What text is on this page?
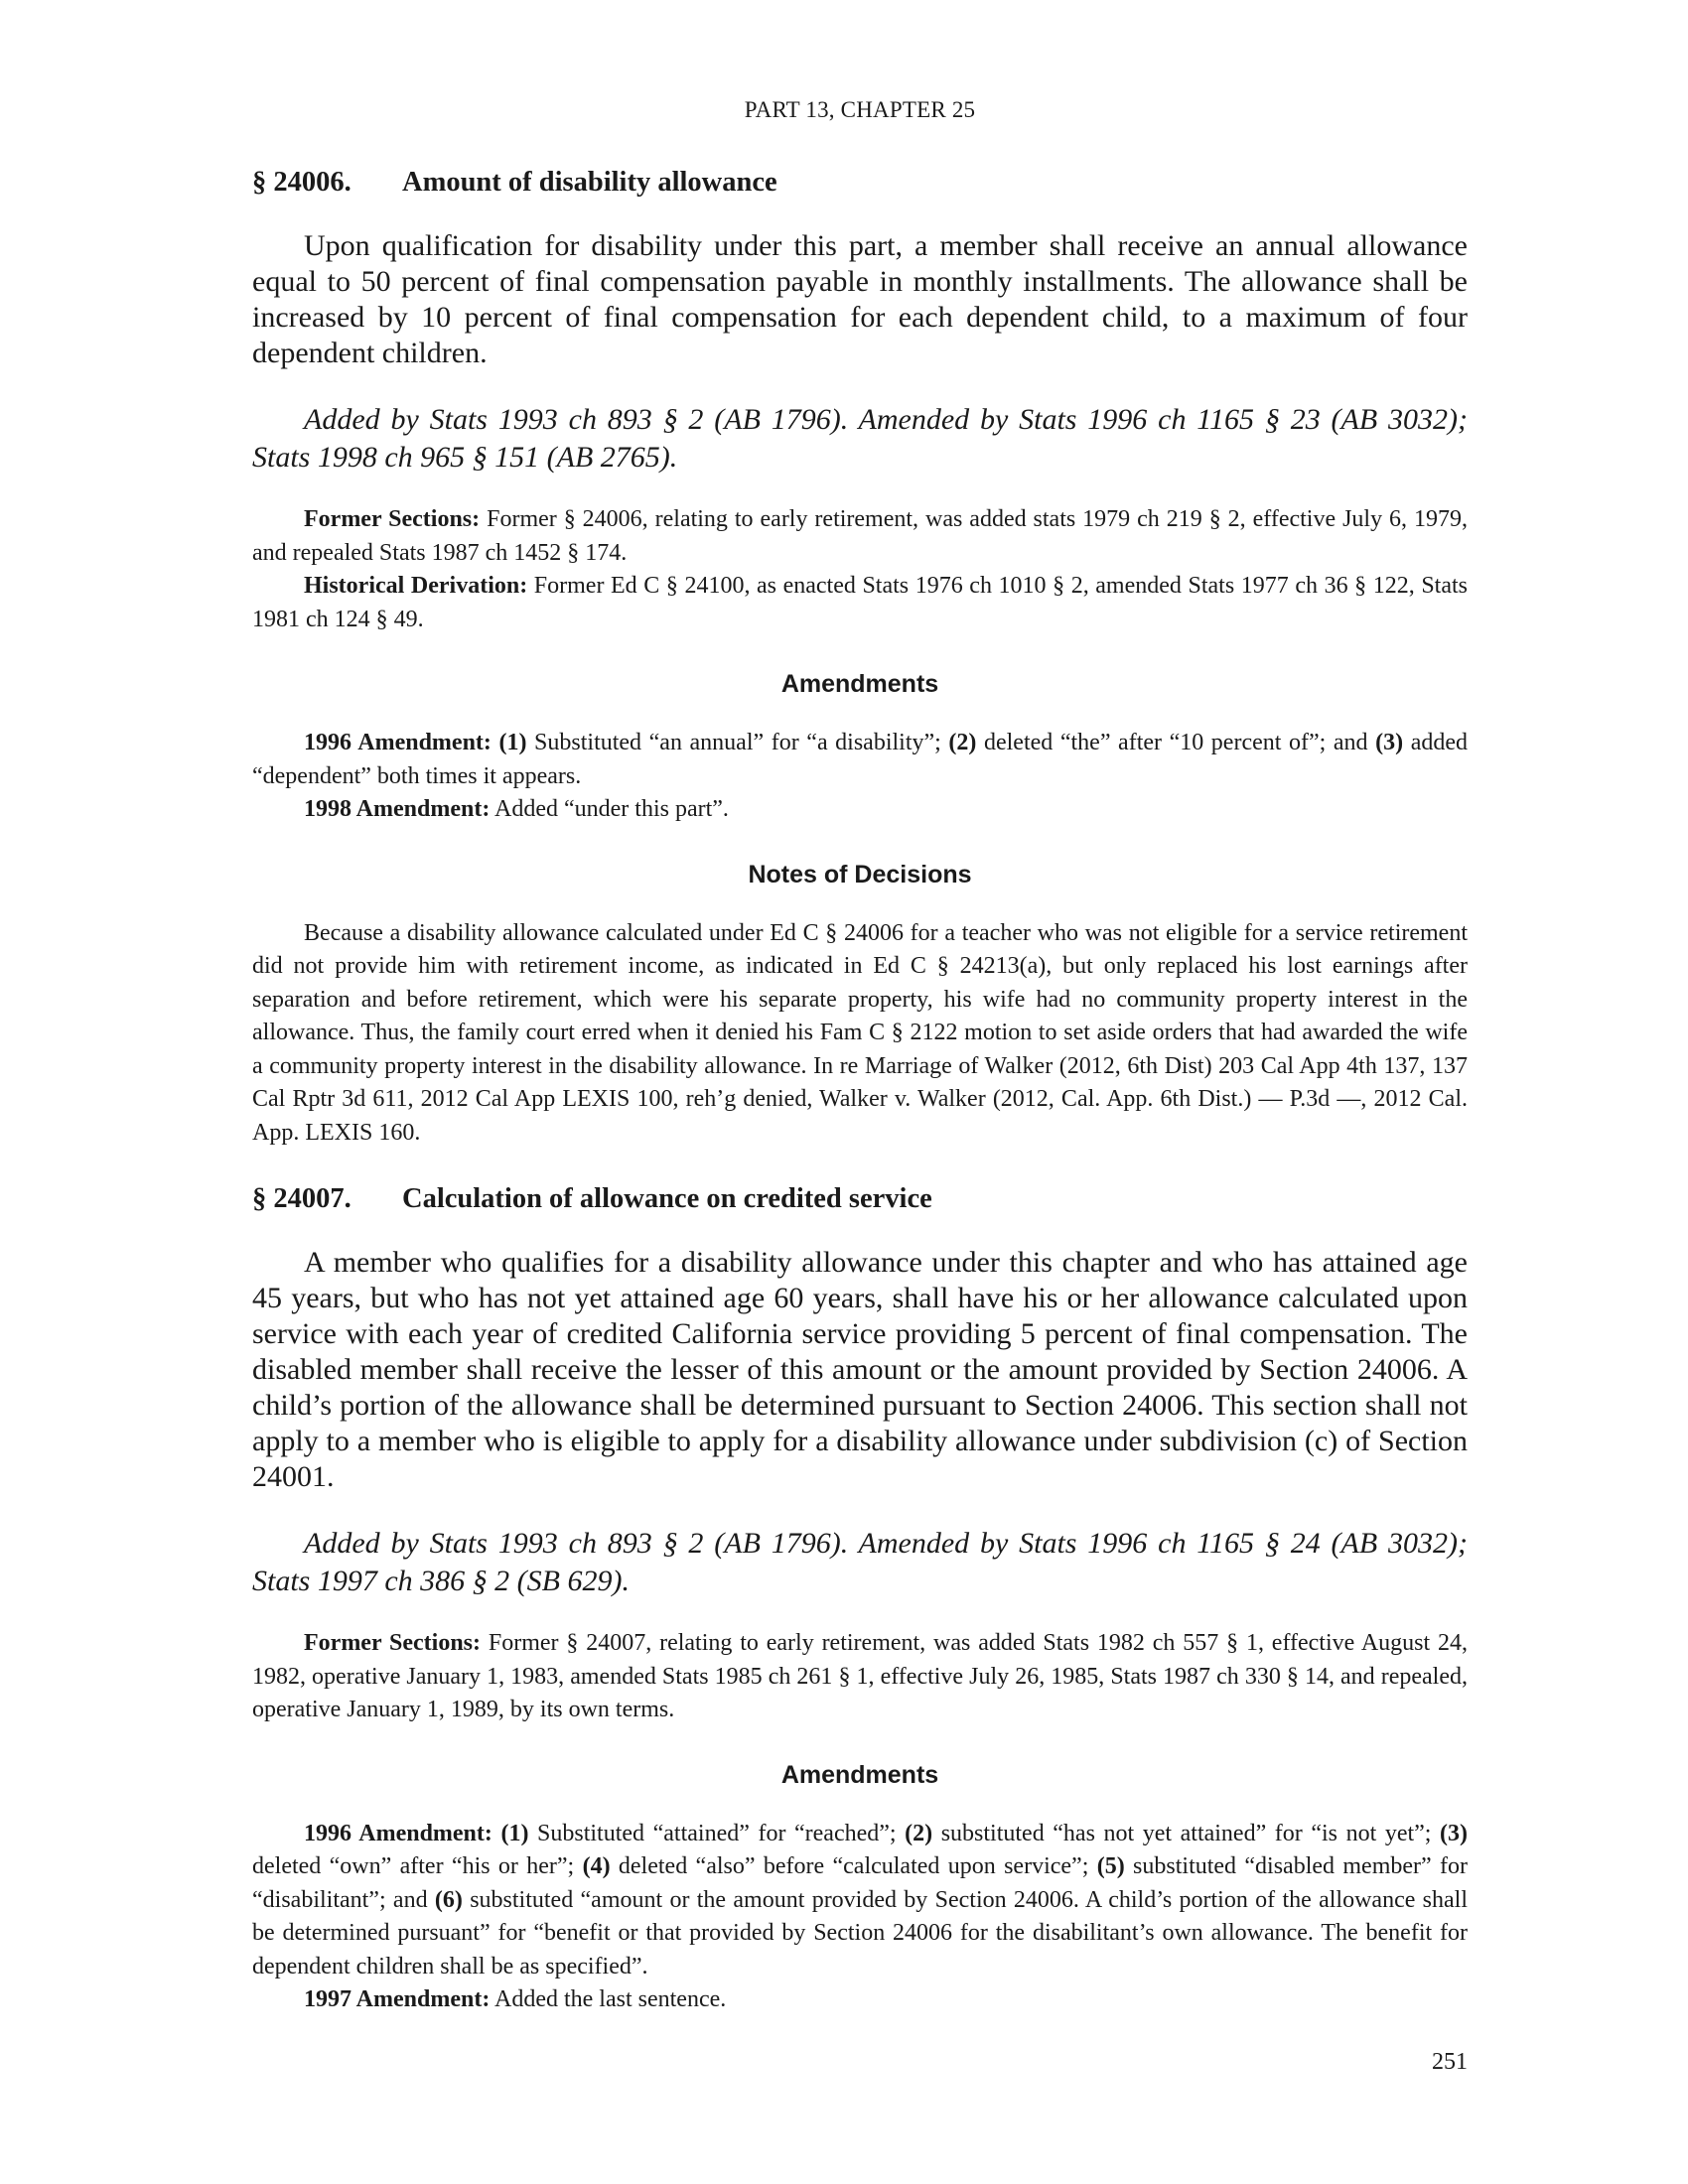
PART 13, CHAPTER 25
§ 24006.	Amount of disability allowance

Upon qualification for disability under this part, a member shall receive an annual allowance equal to 50 percent of final compensation payable in monthly installments. The allowance shall be increased by 10 percent of final compensation for each dependent child, to a maximum of four dependent children.

Added by Stats 1993 ch 893 § 2 (AB 1796). Amended by Stats 1996 ch 1165 § 23 (AB 3032); Stats 1998 ch 965 § 151 (AB 2765).

Former Sections: Former § 24006, relating to early retirement, was added stats 1979 ch 219 § 2, effective July 6, 1979, and repealed Stats 1987 ch 1452 § 174.

Historical Derivation: Former Ed C § 24100, as enacted Stats 1976 ch 1010 § 2, amended Stats 1977 ch 36 § 122, Stats 1981 ch 124 § 49.

Amendments

1996 Amendment: (1) Substituted “an annual” for “a disability”; (2) deleted “the” after “10 percent of”; and (3) added “dependent” both times it appears.

1998 Amendment: Added “under this part”.

Notes of Decisions

Because a disability allowance calculated under Ed C § 24006 for a teacher who was not eligible for a service retirement did not provide him with retirement income, as indicated in Ed C § 24213(a), but only replaced his lost earnings after separation and before retirement, which were his separate property, his wife had no community property interest in the allowance. Thus, the family court erred when it denied his Fam C § 2122 motion to set aside orders that had awarded the wife a community property interest in the disability allowance. In re Marriage of Walker (2012, 6th Dist) 203 Cal App 4th 137, 137 Cal Rptr 3d 611, 2012 Cal App LEXIS 100, reh’g denied, Walker v. Walker (2012, Cal. App. 6th Dist.) — P.3d —, 2012 Cal. App. LEXIS 160.

§ 24007.	Calculation of allowance on credited service

A member who qualifies for a disability allowance under this chapter and who has attained age 45 years, but who has not yet attained age 60 years, shall have his or her allowance calculated upon service with each year of credited California service providing 5 percent of final compensation. The disabled member shall receive the lesser of this amount or the amount provided by Section 24006. A child’s portion of the allowance shall be determined pursuant to Section 24006. This section shall not apply to a member who is eligible to apply for a disability allowance under subdivision (c) of Section 24001.

Added by Stats 1993 ch 893 § 2 (AB 1796). Amended by Stats 1996 ch 1165 § 24 (AB 3032); Stats 1997 ch 386 § 2 (SB 629).

Former Sections: Former § 24007, relating to early retirement, was added Stats 1982 ch 557 § 1, effective August 24, 1982, operative January 1, 1983, amended Stats 1985 ch 261 § 1, effective July 26, 1985, Stats 1987 ch 330 § 14, and repealed, operative January 1, 1989, by its own terms.

Amendments

1996 Amendment: (1) Substituted “attained” for “reached”; (2) substituted “has not yet attained” for “is not yet”; (3) deleted “own” after “his or her”; (4) deleted “also” before “calculated upon service”; (5) substituted “disabled member” for “disabilitant”; and (6) substituted “amount or the amount provided by Section 24006. A child’s portion of the allowance shall be determined pursuant” for “benefit or that provided by Section 24006 for the disabilitant’s own allowance. The benefit for dependent children shall be as specified”.

1997 Amendment: Added the last sentence.

251
